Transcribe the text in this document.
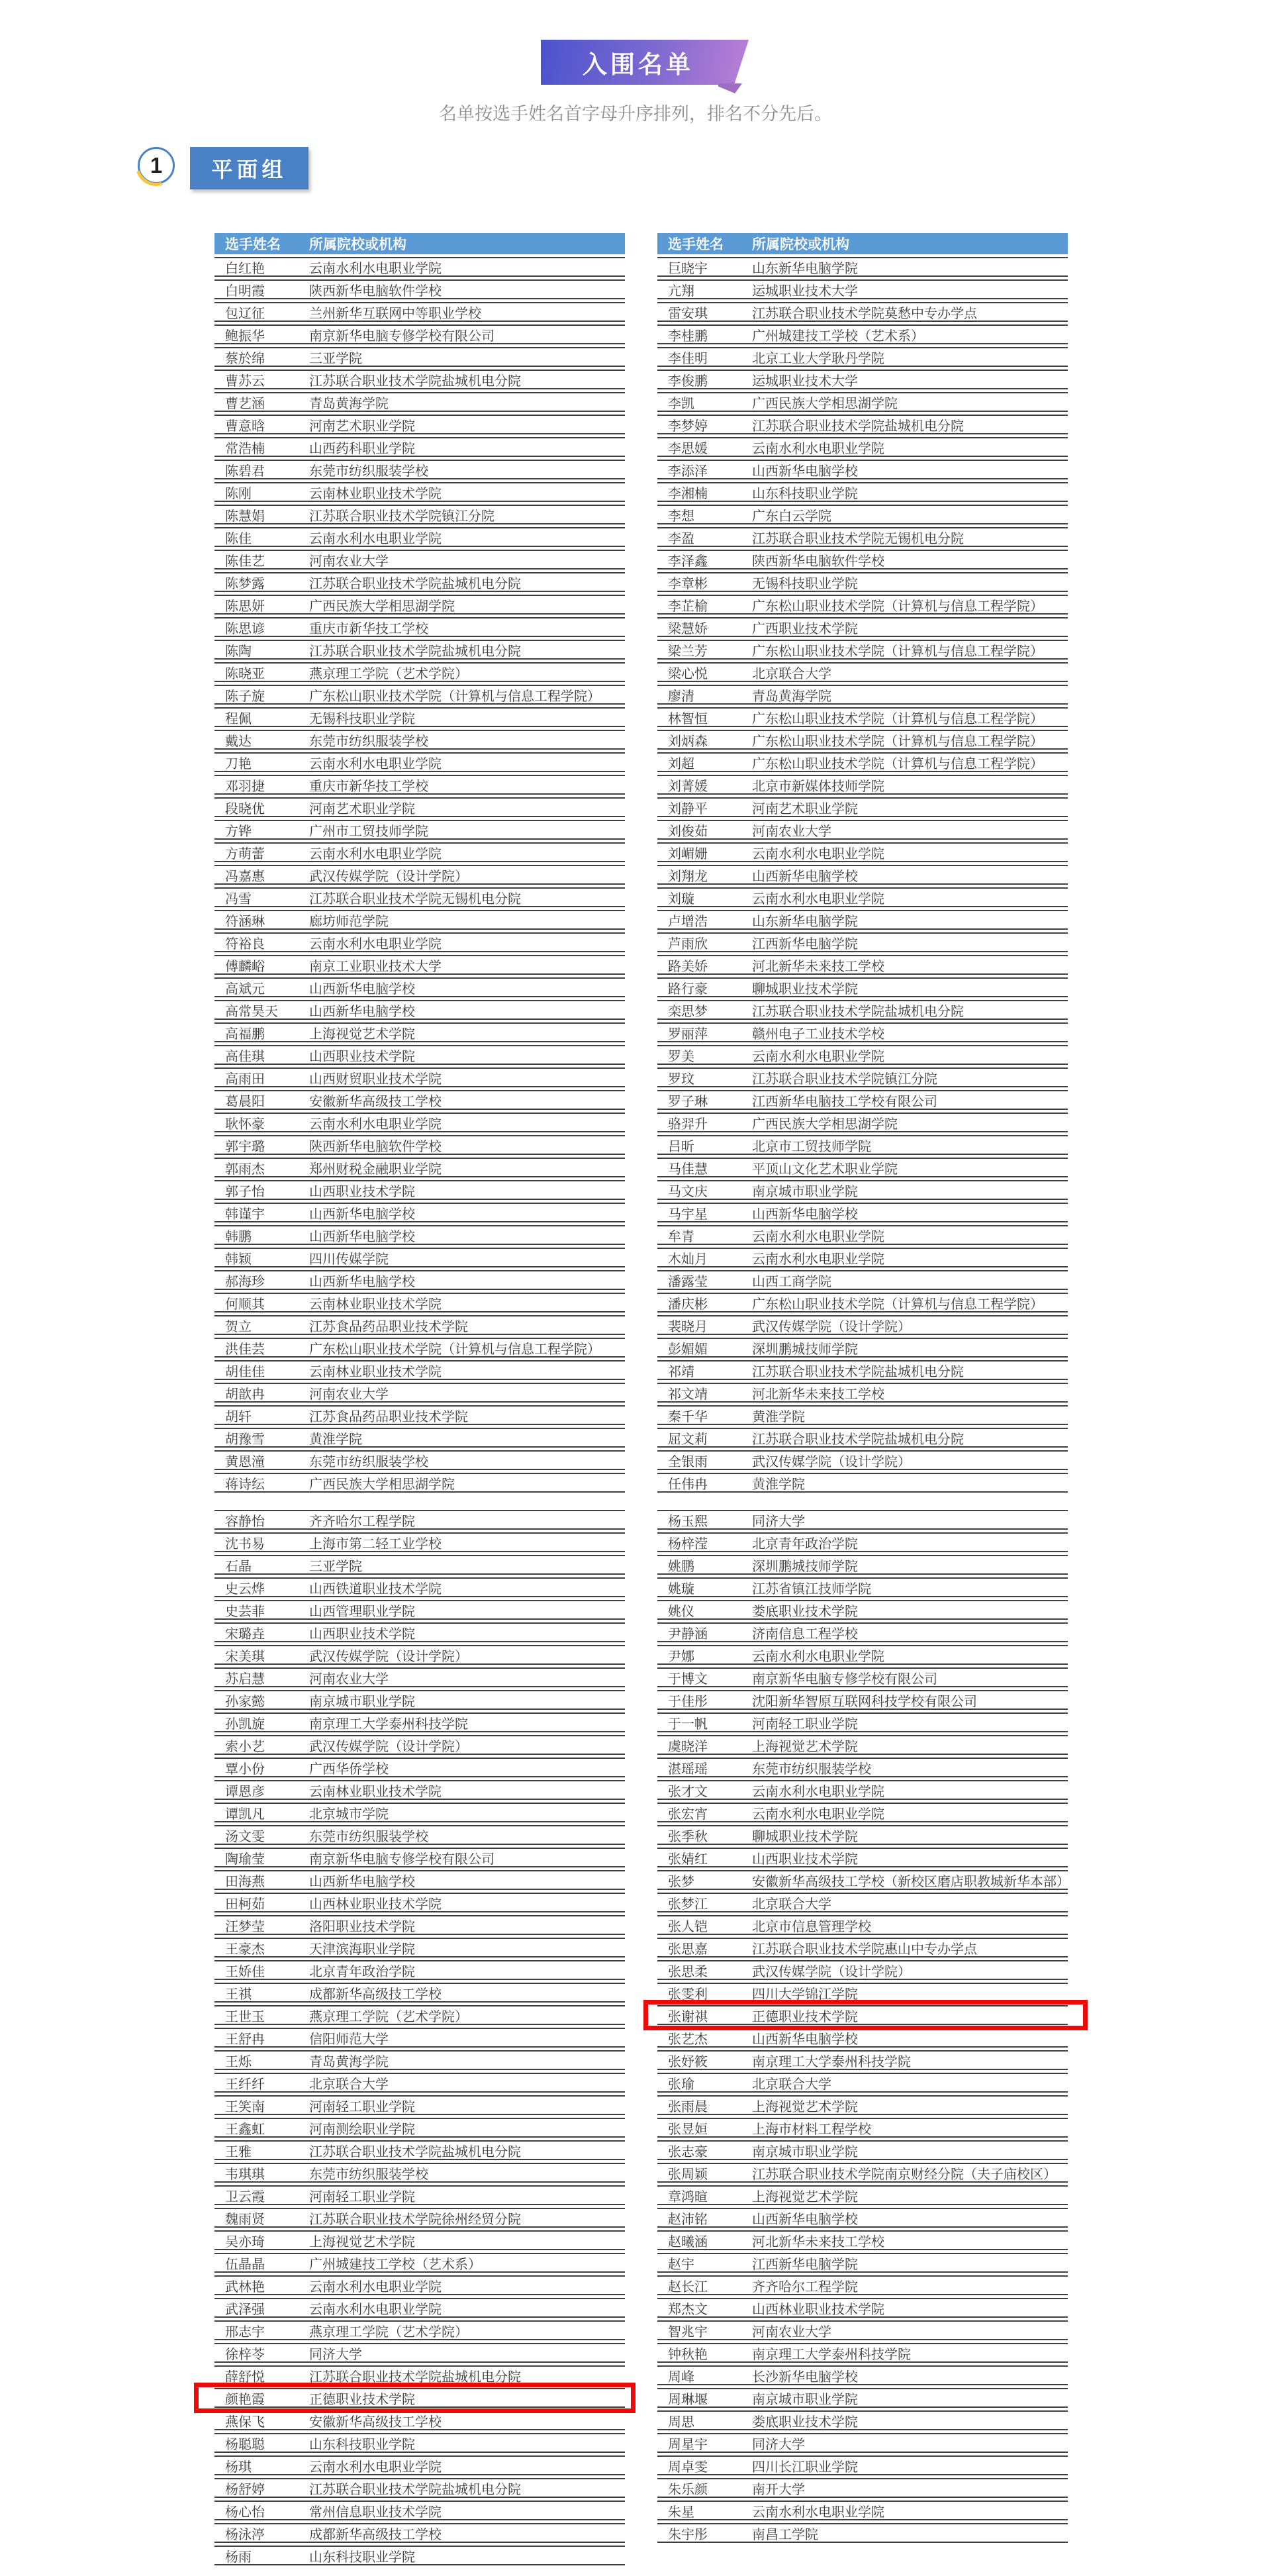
入围名单
名单按选手姓名首字母升序排列，排名不分先后。
1	平面组
选手姓名	所属院校或机构
白红艳	云南水利水电职业学院
白明霞	陕西新华电脑软件学校
包辽征	兰州新华互联网中等职业学校
鲍振华	南京新华电脑专修学校有限公司
蔡於绵	三亚学院
曹苏云	江苏联合职业技术学院盐城机电分院
曹艺涵	青岛黄海学院
曹意晗	河南艺术职业学院
常浩楠	山西药科职业学院
陈碧君	东莞市纺织服装学校
陈刚	云南林业职业技术学院
陈慧娟	江苏联合职业技术学院镇江分院
陈佳	云南水利水电职业学院
陈佳艺	河南农业大学
陈梦露	江苏联合职业技术学院盐城机电分院
陈思妍	广西民族大学相思湖学院
陈思谚	重庆市新华技工学校
陈陶	江苏联合职业技术学院盐城机电分院
陈晓亚	燕京理工学院（艺术学院）
陈子旋	广东松山职业技术学院（计算机与信息工程学院）
程佩	无锡科技职业学院
戴达	东莞市纺织服装学校
刀艳	云南水利水电职业学院
邓羽捷	重庆市新华技工学校
段晓优	河南艺术职业学院
方铧	广州市工贸技师学院
方萌蕾	云南水利水电职业学院
冯嘉惠	武汉传媒学院（设计学院）
冯雪	江苏联合职业技术学院无锡机电分院
符涵琳	廊坊师范学院
符裕良	云南水利水电职业学院
傅麟峪	南京工业职业技术大学
高斌元	山西新华电脑学校
高常昊天	山西新华电脑学校
高福鹏	上海视觉艺术学院
高佳琪	山西职业技术学院
高雨田	山西财贸职业技术学院
葛晨阳	安徽新华高级技工学校
耿怀豪	云南水利水电职业学院
郭宇璐	陕西新华电脑软件学校
郭雨杰	郑州财税金融职业学院
郭子怡	山西职业技术学院
韩谨宇	山西新华电脑学校
韩鹏	山西新华电脑学校
韩颖	四川传媒学院
郝海珍	山西新华电脑学校
何顺其	云南林业职业技术学院
贺立	江苏食品药品职业技术学院
洪佳芸	广东松山职业技术学院（计算机与信息工程学院）
胡佳佳	云南林业职业技术学院
胡歆冉	河南农业大学
胡轩	江苏食品药品职业技术学院
胡豫雪	黄淮学院
黄恩潼	东莞市纺织服装学校
蒋诗纭	广西民族大学相思湖学院
容静怡	齐齐哈尔工程学院
沈书易	上海市第二轻工业学校
石晶	三亚学院
史云烨	山西铁道职业技术学院
史芸菲	山西管理职业学院
宋璐垚	山西职业技术学院
宋美琪	武汉传媒学院（设计学院）
苏启慧	河南农业大学
孙家懿	南京城市职业学院
孙凯旋	南京理工大学泰州科技学院
索小艺	武汉传媒学院（设计学院）
覃小份	广西华侨学校
谭恩彦	云南林业职业技术学院
谭凯凡	北京城市学院
汤文雯	东莞市纺织服装学校
陶瑜莹	南京新华电脑专修学校有限公司
田海燕	山西新华电脑学校
田柯茹	山西林业职业技术学院
汪梦莹	洛阳职业技术学院
王豪杰	天津滨海职业学院
王娇佳	北京青年政治学院
王祺	成都新华高级技工学校
王世玉	燕京理工学院（艺术学院）
王舒冉	信阳师范大学
王烁	青岛黄海学院
王纤纤	北京联合大学
王笑南	河南轻工职业学院
王鑫虹	河南测绘职业学院
王雅	江苏联合职业技术学院盐城机电分院
韦琪琪	东莞市纺织服装学校
卫云霞	河南轻工职业学院
魏雨贤	江苏联合职业技术学院徐州经贸分院
吴亦琦	上海视觉艺术学院
伍晶晶	广州城建技工学校（艺术系）
武林艳	云南水利水电职业学院
武泽强	云南水利水电职业学院
邢志宇	燕京理工学院（艺术学院）
徐梓苓	同济大学
薛舒悦	江苏联合职业技术学院盐城机电分院
颜艳霞	正德职业技术学院
燕保飞	安徽新华高级技工学校
杨聪聪	山东科技职业学院
杨琪	云南水利水电职业学院
杨舒婷	江苏联合职业技术学院盐城机电分院
杨心怡	常州信息职业技术学院
杨泳渟	成都新华高级技工学校
杨雨	山东科技职业学院
选手姓名	所属院校或机构
巨晓宇	山东新华电脑学院
亢翔	运城职业技术大学
雷安琪	江苏联合职业技术学院莫愁中专办学点
李桂鹏	广州城建技工学校（艺术系）
李佳明	北京工业大学耿丹学院
李俊鹏	运城职业技术大学
李凯	广西民族大学相思湖学院
李梦婷	江苏联合职业技术学院盐城机电分院
李思媛	云南水利水电职业学院
李添泽	山西新华电脑学校
李湘楠	山东科技职业学院
李想	广东白云学院
李盈	江苏联合职业技术学院无锡机电分院
李泽鑫	陕西新华电脑软件学校
李章彬	无锡科技职业学院
李芷榆	广东松山职业技术学院（计算机与信息工程学院）
梁慧娇	广西职业技术学院
梁兰芳	广东松山职业技术学院（计算机与信息工程学院）
梁心悦	北京联合大学
廖清	青岛黄海学院
林智恒	广东松山职业技术学院（计算机与信息工程学院）
刘炳森	广东松山职业技术学院（计算机与信息工程学院）
刘超	广东松山职业技术学院（计算机与信息工程学院）
刘菁媛	北京市新媒体技师学院
刘静平	河南艺术职业学院
刘俊茹	河南农业大学
刘嵋姗	云南水利水电职业学院
刘翔龙	山西新华电脑学校
刘璇	云南水利水电职业学院
卢增浩	山东新华电脑学院
芦雨欣	江西新华电脑学院
路美娇	河北新华未来技工学校
路行豪	聊城职业技术学院
栾思梦	江苏联合职业技术学院盐城机电分院
罗丽萍	赣州电子工业技术学校
罗美	云南水利水电职业学院
罗玟	江苏联合职业技术学院镇江分院
罗子琳	江西新华电脑技工学校有限公司
骆羿升	广西民族大学相思湖学院
吕昕	北京市工贸技师学院
马佳慧	平顶山文化艺术职业学院
马文庆	南京城市职业学院
马宇星	山西新华电脑学校
牟青	云南水利水电职业学院
木灿月	云南水利水电职业学院
潘露莹	山西工商学院
潘庆彬	广东松山职业技术学院（计算机与信息工程学院）
裴晓月	武汉传媒学院（设计学院）
彭媚媚	深圳鹏城技师学院
祁靖	江苏联合职业技术学院盐城机电分院
祁文靖	河北新华未来技工学校
秦千华	黄淮学院
屈文莉	江苏联合职业技术学院盐城机电分院
全银雨	武汉传媒学院（设计学院）
任伟冉	黄淮学院
杨玉熙	同济大学
杨梓滢	北京青年政治学院
姚鹏	深圳鹏城技师学院
姚璇	江苏省镇江技师学院
姚仪	娄底职业技术学院
尹静涵	济南信息工程学校
尹娜	云南水利水电职业学院
于博文	南京新华电脑专修学校有限公司
于佳彤	沈阳新华智原互联网科技学校有限公司
于一帆	河南轻工职业学院
虞晓洋	上海视觉艺术学院
湛瑶瑶	东莞市纺织服装学校
张才文	云南水利水电职业学院
张宏宵	云南水利水电职业学院
张季秋	聊城职业技术学院
张婧红	山西职业技术学院
张梦	安徽新华高级技工学校（新校区磨店职教城新华本部）
张梦江	北京联合大学
张人铠	北京市信息管理学校
张思嘉	江苏联合职业技术学院惠山中专办学点
张思柔	武汉传媒学院（设计学院）
张雯利	四川大学锦江学院
张谢祺	正德职业技术学院
张艺杰	山西新华电脑学校
张妤筱	南京理工大学泰州科技学院
张瑜	北京联合大学
张雨晨	上海视觉艺术学院
张昱姮	上海市材料工程学校
张志豪	南京城市职业学院
张周颖	江苏联合职业技术学院南京财经分院（夫子庙校区）
章鸿暄	上海视觉艺术学院
赵沛铭	山西新华电脑学校
赵曦涵	河北新华未来技工学校
赵宇	江西新华电脑学院
赵长江	齐齐哈尔工程学院
郑杰文	山西林业职业技术学院
智兆宇	河南农业大学
钟秋艳	南京理工大学泰州科技学院
周峰	长沙新华电脑学校
周琳堰	南京城市职业学院
周思	娄底职业技术学院
周星宇	同济大学
周卓雯	四川长江职业学院
朱乐颜	南开大学
朱星	云南水利水电职业学院
朱宇彤	南昌工学院
